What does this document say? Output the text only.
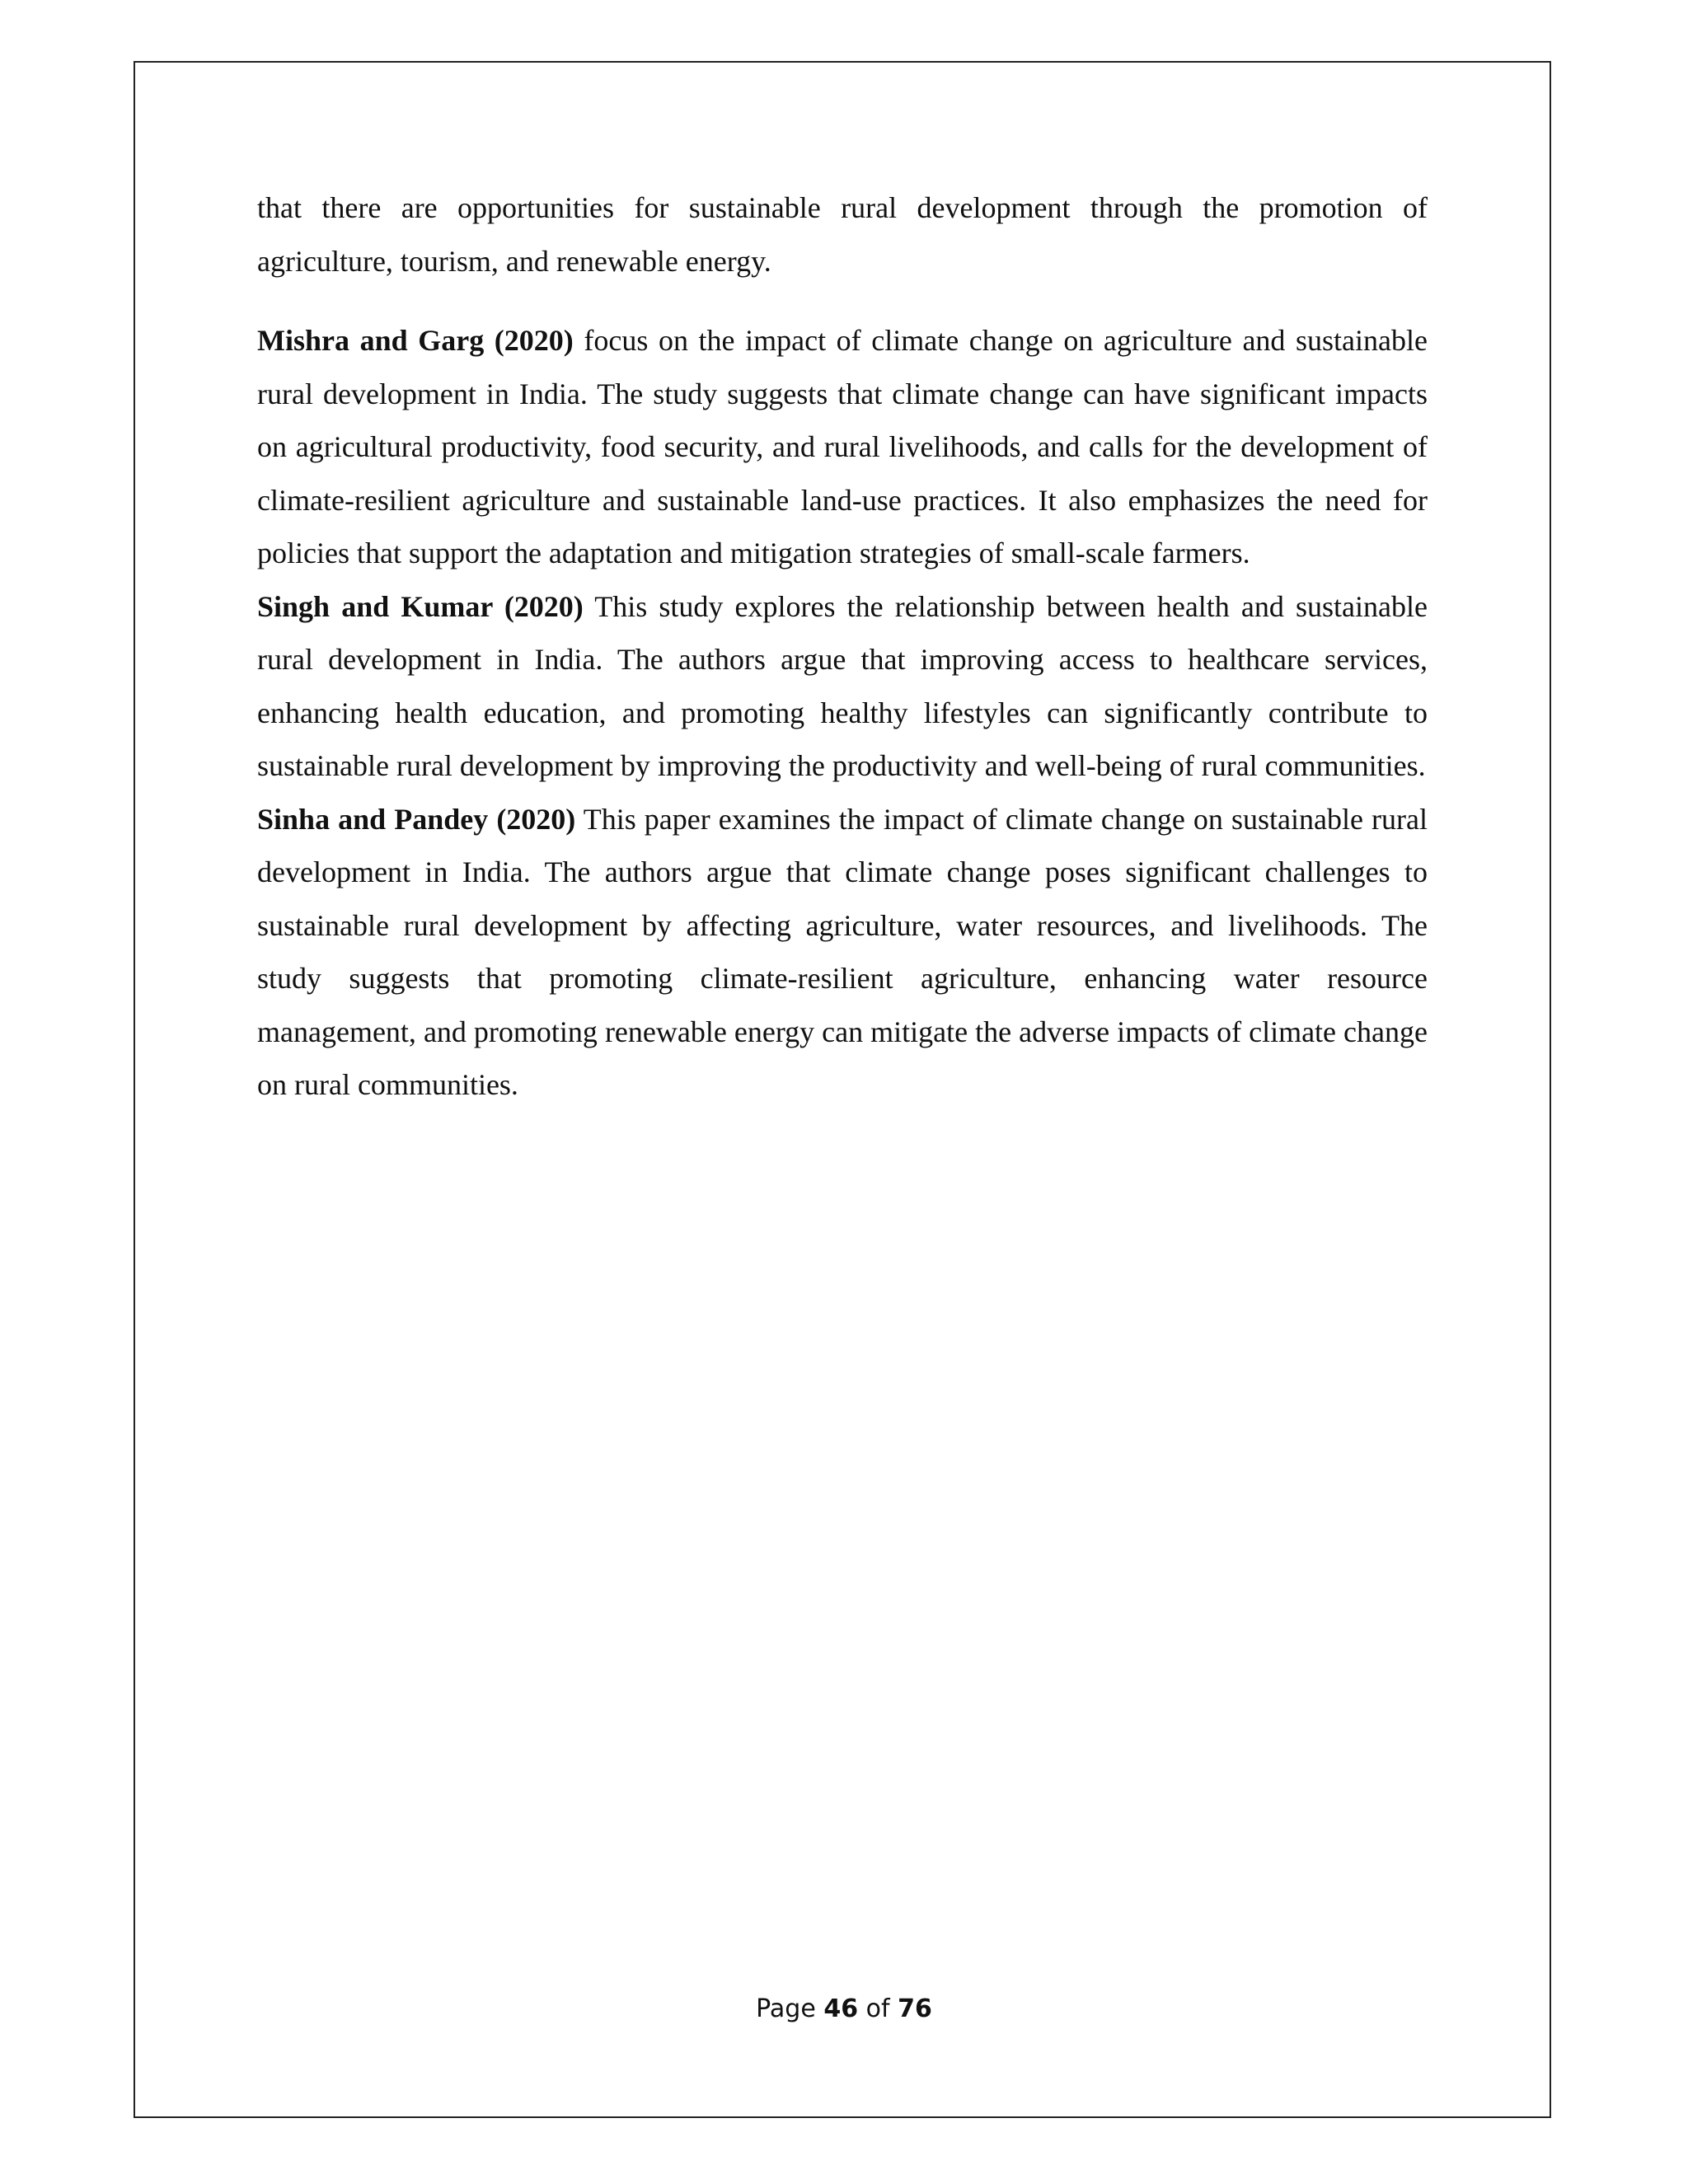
that there are opportunities for sustainable rural development through the promotion of agriculture, tourism, and renewable energy.

Mishra and Garg (2020) focus on the impact of climate change on agriculture and sustainable rural development in India. The study suggests that climate change can have significant impacts on agricultural productivity, food security, and rural livelihoods, and calls for the development of climate-resilient agriculture and sustainable land-use practices. It also emphasizes the need for policies that support the adaptation and mitigation strategies of small-scale farmers.

Singh and Kumar (2020) This study explores the relationship between health and sustainable rural development in India. The authors argue that improving access to healthcare services, enhancing health education, and promoting healthy lifestyles can significantly contribute to sustainable rural development by improving the productivity and well-being of rural communities.

Sinha and Pandey (2020) This paper examines the impact of climate change on sustainable rural development in India. The authors argue that climate change poses significant challenges to sustainable rural development by affecting agriculture, water resources, and livelihoods. The study suggests that promoting climate-resilient agriculture, enhancing water resource management, and promoting renewable energy can mitigate the adverse impacts of climate change on rural communities.

Page 46 of 76
